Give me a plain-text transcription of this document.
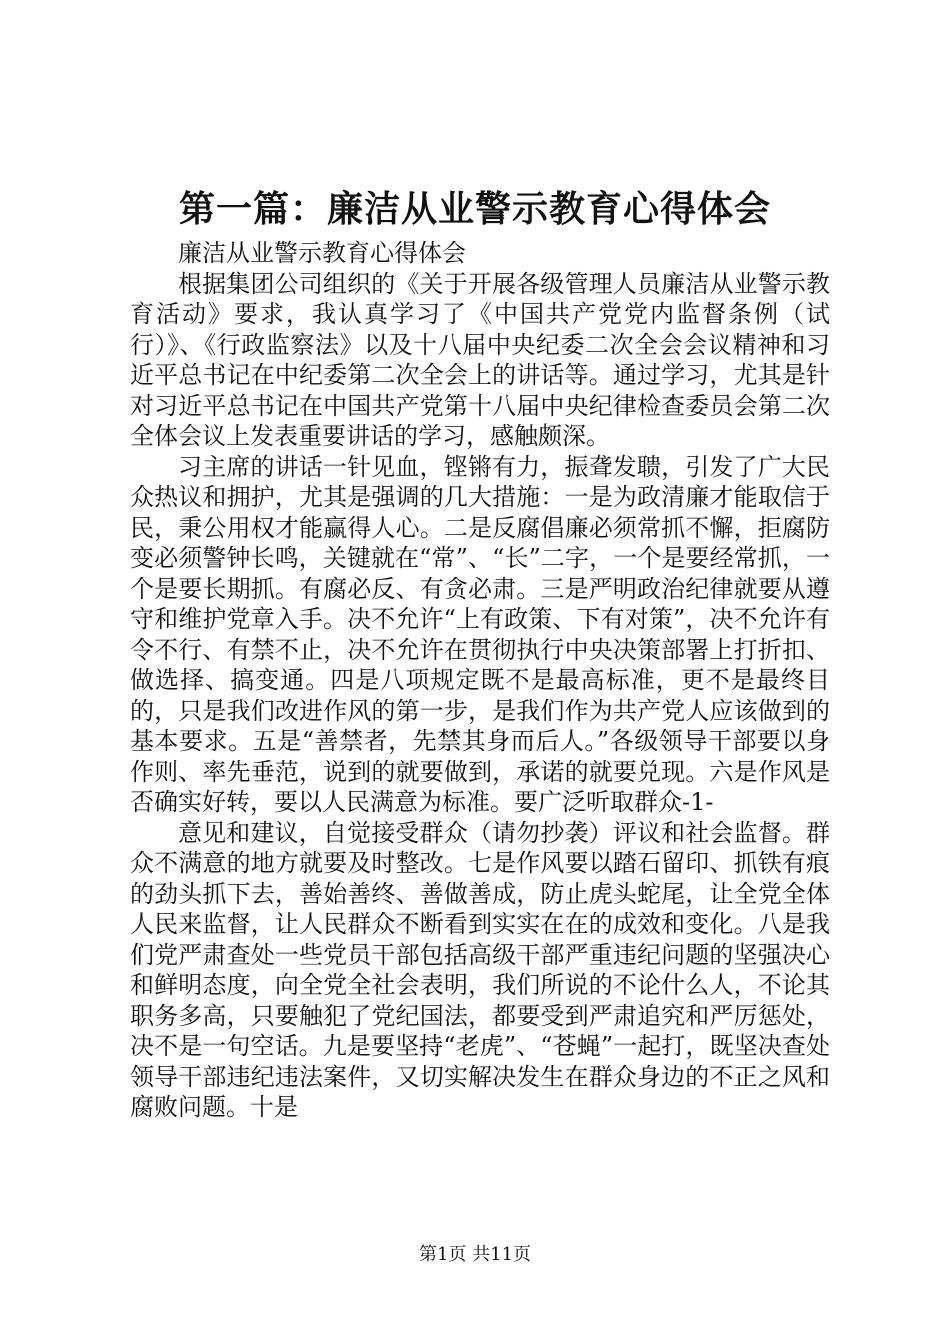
第一篇：廉洁从业警示教育心得体会

廉洁从业警示教育心得体会

根据集团公司组织的《关于开展各级管理人员廉洁从业警示教育活动》要求，我认真学习了《中国共产党党内监督条例（试行）》、《行政监察法》以及十八届中央纪委二次全会会议精神和习近平总书记在中纪委第二次全会上的讲话等。通过学习，尤其是针对习近平总书记在中国共产党第十八届中央纪律检查委员会第二次全体会议上发表重要讲话的学习，感触颇深。

习主席的讲话一针见血，铿锵有力，振聋发聩，引发了广大民众热议和拥护，尤其是强调的几大措施：一是为政清廉才能取信于民，秉公用权才能赢得人心。二是反腐倡廉必须常抓不懈，拒腐防变必须警钟长鸣，关键就在“常”、“长”二字，一个是要经常抓，一个是要长期抓。有腐必反、有贪必肃。三是严明政治纪律就要从遵守和维护党章入手。决不允许“上有政策、下有对策”，决不允许有令不行、有禁不止，决不允许在贯彻执行中央决策部署上打折扣、做选择、搞变通。四是八项规定既不是最高标准，更不是最终目的，只是我们改进作风的第一步，是我们作为共产党人应该做到的基本要求。五是“善禁者，先禁其身而后人。”各级领导干部要以身作则、率先垂范，说到的就要做到，承诺的就要兑现。六是作风是否确实好转，要以人民满意为标准。要广泛听取群众-1-

意见和建议，自觉接受群众（请勿抄袭）评议和社会监督。群众不满意的地方就要及时整改。七是作风要以踏石留印、抓铁有痕的劲头抓下去，善始善终、善做善成，防止虎头蛇尾，让全党全体人民来监督，让人民群众不断看到实实在在的成效和变化。八是我们党严肃查处一些党员干部包括高级干部严重违纪问题的坚强决心和鲜明态度，向全党全社会表明，我们所说的不论什么人，不论其职务多高，只要触犯了党纪国法，都要受到严肃追究和严厉惩处，决不是一句空话。九是要坚持“老虎”、“苍蝇”一起打，既坚决查处领导干部违纪违法案件，又切实解决发生在群众身边的不正之风和腐败问题。十是

第1页 共11页
